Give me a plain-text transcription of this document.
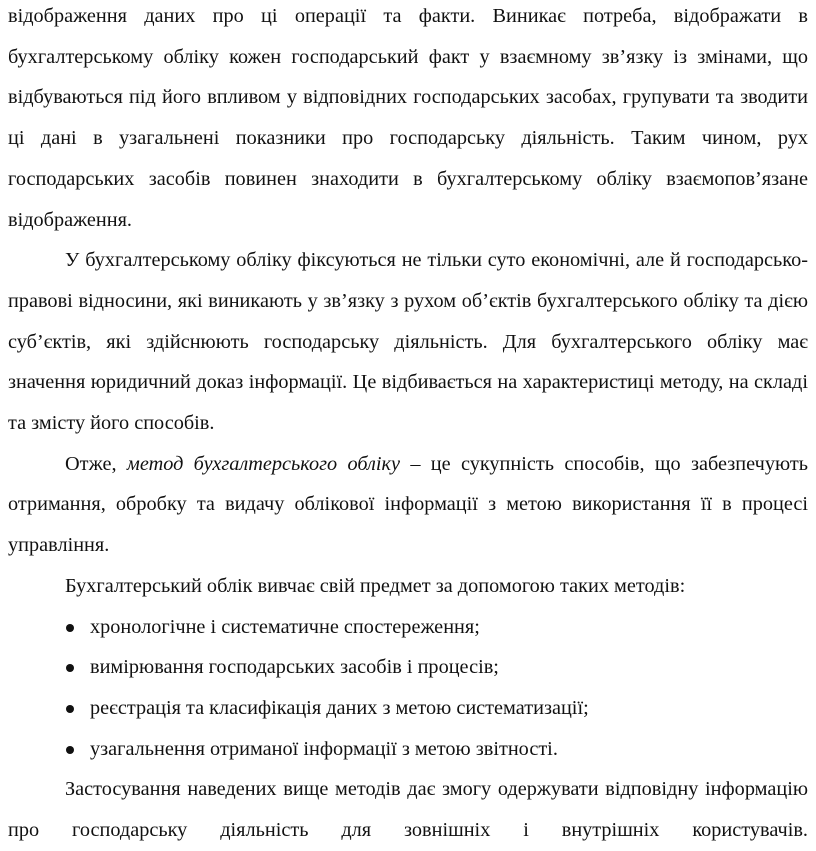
відображення даних про ці операції та факти. Виникає потреба, відображати в бухгалтерському обліку кожен господарський факт у взаємному зв’язку із змінами, що відбуваються під його впливом у відповідних господарських засобах, групувати та зводити ці дані в узагальнені показники про господарську діяльність. Таким чином, рух господарських засобів повинен знаходити в бухгалтерському обліку взаємопов’язане відображення.

У бухгалтерському обліку фіксуються не тільки суто економічні, але й господарсько-правові відносини, які виникають у зв’язку з рухом об’єктів бухгалтерського обліку та дією суб’єктів, які здійснюють господарську діяльність. Для бухгалтерського обліку має значення юридичний доказ інформації. Це відбивається на характеристиці методу, на складі та змісту його способів.

Отже, метод бухгалтерського обліку – це сукупність способів, що забезпечують отримання, обробку та видачу облікової інформації з метою використання її в процесі управління.

Бухгалтерський облік вивчає свій предмет за допомогою таких методів:

хронологічне і систематичне спостереження;
вимірювання господарських засобів і процесів;
реєстрація та класифікація даних з метою систематизації;
узагальнення отриманої інформації з метою звітності.

Застосування наведених вище методів дає змогу одержувати відповідну інформацію про господарську діяльність для зовнішніх і внутрішніх користувачів.
